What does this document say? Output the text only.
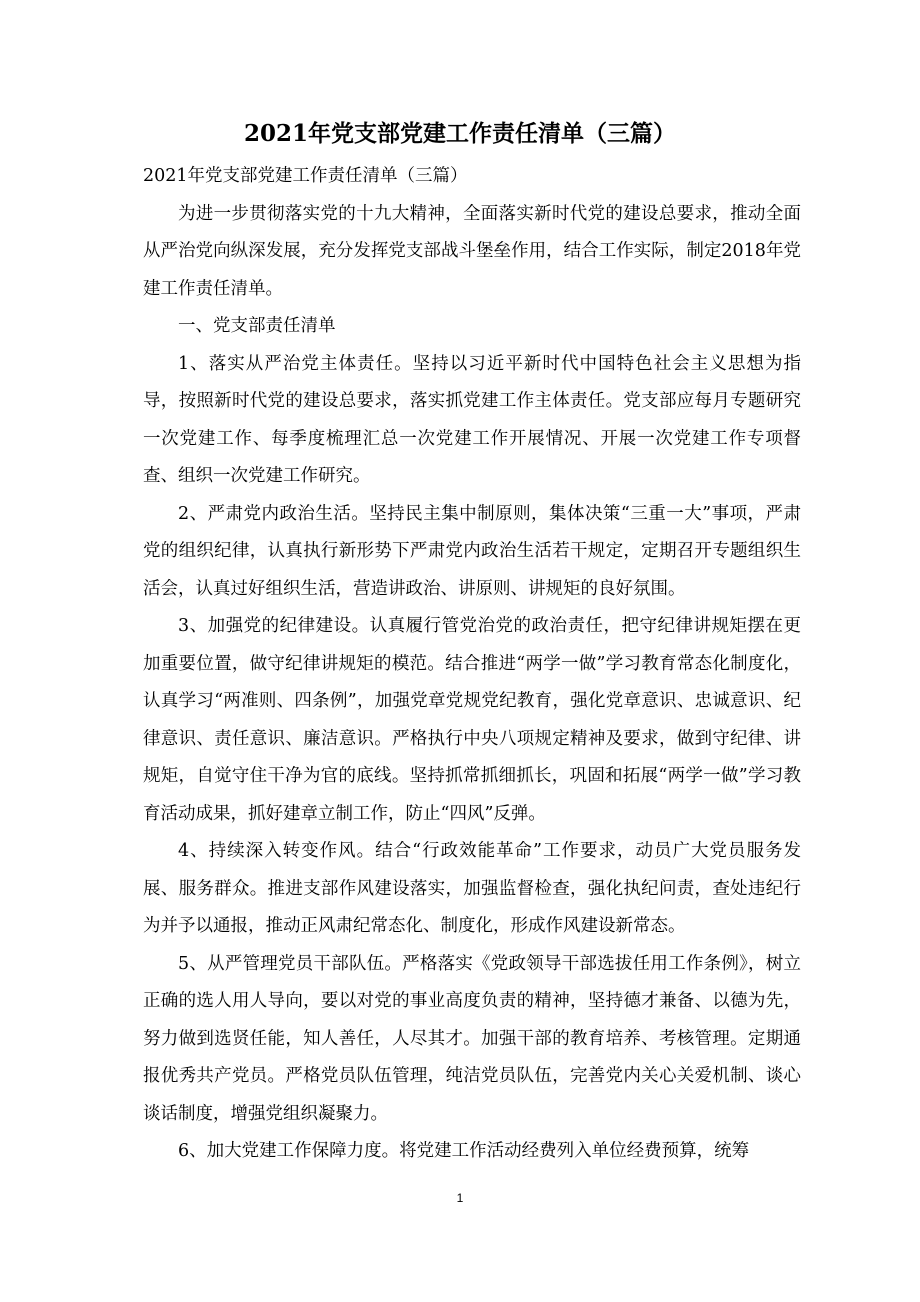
2021年党支部党建工作责任清单（三篇）

2021年党支部党建工作责任清单（三篇）

为进一步贯彻落实党的十九大精神，全面落实新时代党的建设总要求，推动全面从严治党向纵深发展，充分发挥党支部战斗堡垒作用，结合工作实际，制定2018年党建工作责任清单。

一、党支部责任清单

1、落实从严治党主体责任。坚持以习近平新时代中国特色社会主义思想为指导，按照新时代党的建设总要求，落实抓党建工作主体责任。党支部应每月专题研究一次党建工作、每季度梳理汇总一次党建工作开展情况、开展一次党建工作专项督查、组织一次党建工作研究。

2、严肃党内政治生活。坚持民主集中制原则，集体决策“三重一大”事项，严肃党的组织纪律，认真执行新形势下严肃党内政治生活若干规定，定期召开专题组织生活会，认真过好组织生活，营造讲政治、讲原则、讲规矩的良好氛围。

3、加强党的纪律建设。认真履行管党治党的政治责任，把守纪律讲规矩摆在更加重要位置，做守纪律讲规矩的模范。结合推进“两学一做”学习教育常态化制度化，认真学习“两准则、四条例”，加强党章党规党纪教育，强化党章意识、忠诚意识、纪律意识、责任意识、廉洁意识。严格执行中央八项规定精神及要求，做到守纪律、讲规矩，自觉守住干净为官的底线。坚持抓常抓细抓长，巩固和拓展“两学一做”学习教育活动成果，抓好建章立制工作，防止“四风”反弹。

4、持续深入转变作风。结合“行政效能革命”工作要求，动员广大党员服务发展、服务群众。推进支部作风建设落实，加强监督检查，强化执纪问责，查处违纪行为并予以通报，推动正风肃纪常态化、制度化，形成作风建设新常态。

5、从严管理党员干部队伍。严格落实《党政领导干部选拔任用工作条例》，树立正确的选人用人导向，要以对党的事业高度负责的精神，坚持德才兼备、以德为先，努力做到选贤任能，知人善任，人尽其才。加强干部的教育培养、考核管理。定期通报优秀共产党员。严格党员队伍管理，纯洁党员队伍，完善党内关心关爱机制、谈心谈话制度，增强党组织凝聚力。

6、加大党建工作保障力度。将党建工作活动经费列入单位经费预算，统筹

1
